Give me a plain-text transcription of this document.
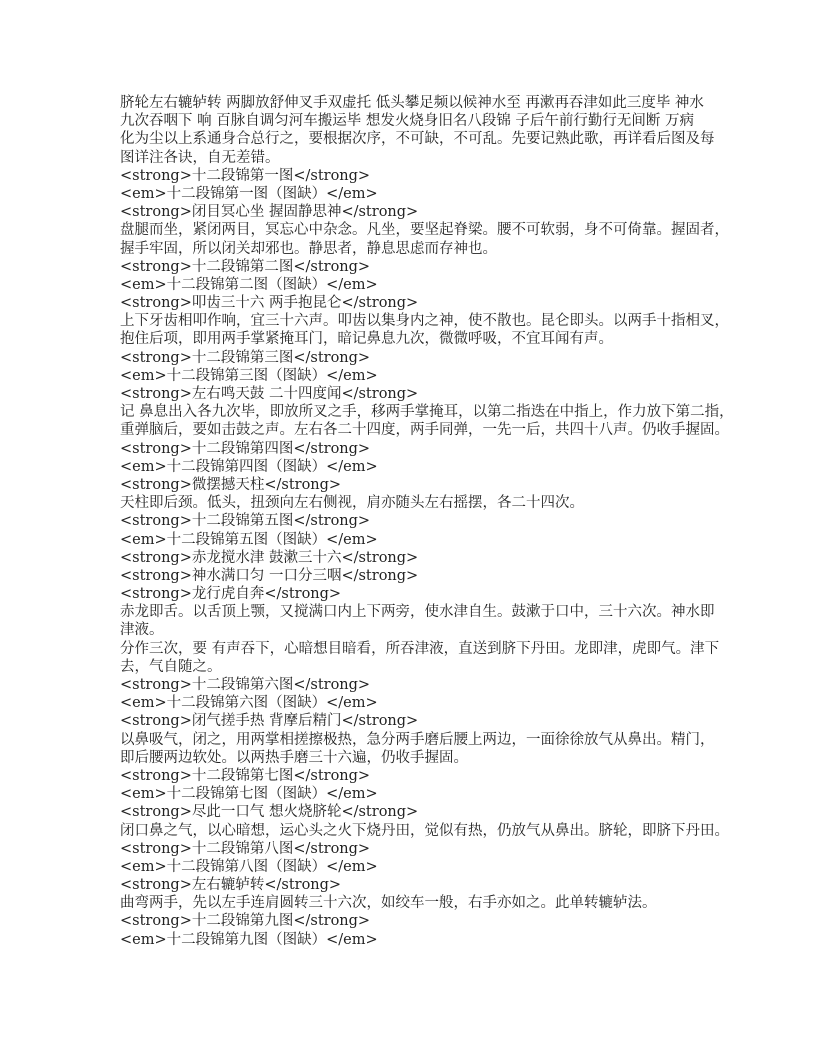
脐轮左右辘轳转 两脚放舒伸叉手双虚托 低头攀足频以候神水至 再漱再吞津如此三度毕 神水
九次吞咽下 响 百脉自调匀河车搬运毕 想发火烧身旧名八段锦 子后午前行勤行无间断 万病
化为尘以上系通身合总行之，要根据次序，不可缺，不可乱。先要记熟此歌，再详看后图及每
图详注各诀，自无差错。
<strong>十二段锦第一图</strong>
<em>十二段锦第一图（图缺）</em>
<strong>闭目冥心坐 握固静思神</strong>
盘腿而坐，紧闭两目，冥忘心中杂念。凡坐，要坚起脊梁。腰不可软弱，身不可倚靠。握固者，
握手牢固，所以闭关却邪也。静思者，静息思虑而存神也。
<strong>十二段锦第二图</strong>
<em>十二段锦第二图（图缺）</em>
<strong>叩齿三十六 两手抱昆仑</strong>
上下牙齿相叩作响，宜三十六声。叩齿以集身内之神，使不散也。昆仑即头。以两手十指相叉，
抱住后项，即用两手掌紧掩耳门，暗记鼻息九次，微微呼吸，不宜耳闻有声。
<strong>十二段锦第三图</strong>
<em>十二段锦第三图（图缺）</em>
<strong>左右鸣天鼓 二十四度闻</strong>
记 鼻息出入各九次毕，即放所叉之手，移两手掌掩耳，以第二指迭在中指上，作力放下第二指，
重弹脑后，要如击鼓之声。左右各二十四度，两手同弹，一先一后，共四十八声。仍收手握固。
<strong>十二段锦第四图</strong>
<em>十二段锦第四图（图缺）</em>
<strong>微摆撼天柱</strong>
天柱即后颈。低头，扭颈向左右侧视，肩亦随头左右摇摆，各二十四次。
<strong>十二段锦第五图</strong>
<em>十二段锦第五图（图缺）</em>
<strong>赤龙搅水津 鼓漱三十六</strong>
<strong>神水满口匀 一口分三咽</strong>
<strong>龙行虎自奔</strong>
赤龙即舌。以舌顶上颚，又搅满口内上下两旁，使水津自生。鼓漱于口中，三十六次。神水即
津液。
分作三次，要 有声吞下，心暗想目暗看，所吞津液，直送到脐下丹田。龙即津，虎即气。津下
去，气自随之。
<strong>十二段锦第六图</strong>
<em>十二段锦第六图（图缺）</em>
<strong>闭气搓手热 背摩后精门</strong>
以鼻吸气，闭之，用两掌相搓擦极热，急分两手磨后腰上两边，一面徐徐放气从鼻出。精门，
即后腰两边软处。以两热手磨三十六遍，仍收手握固。
<strong>十二段锦第七图</strong>
<em>十二段锦第七图（图缺）</em>
<strong>尽此一口气 想火烧脐轮</strong>
闭口鼻之气，以心暗想，运心头之火下烧丹田，觉似有热，仍放气从鼻出。脐轮，即脐下丹田。
<strong>十二段锦第八图</strong>
<em>十二段锦第八图（图缺）</em>
<strong>左右辘轳转</strong>
曲弯两手，先以左手连肩圆转三十六次，如绞车一般，右手亦如之。此单转辘轳法。
<strong>十二段锦第九图</strong>
<em>十二段锦第九图（图缺）</em>
